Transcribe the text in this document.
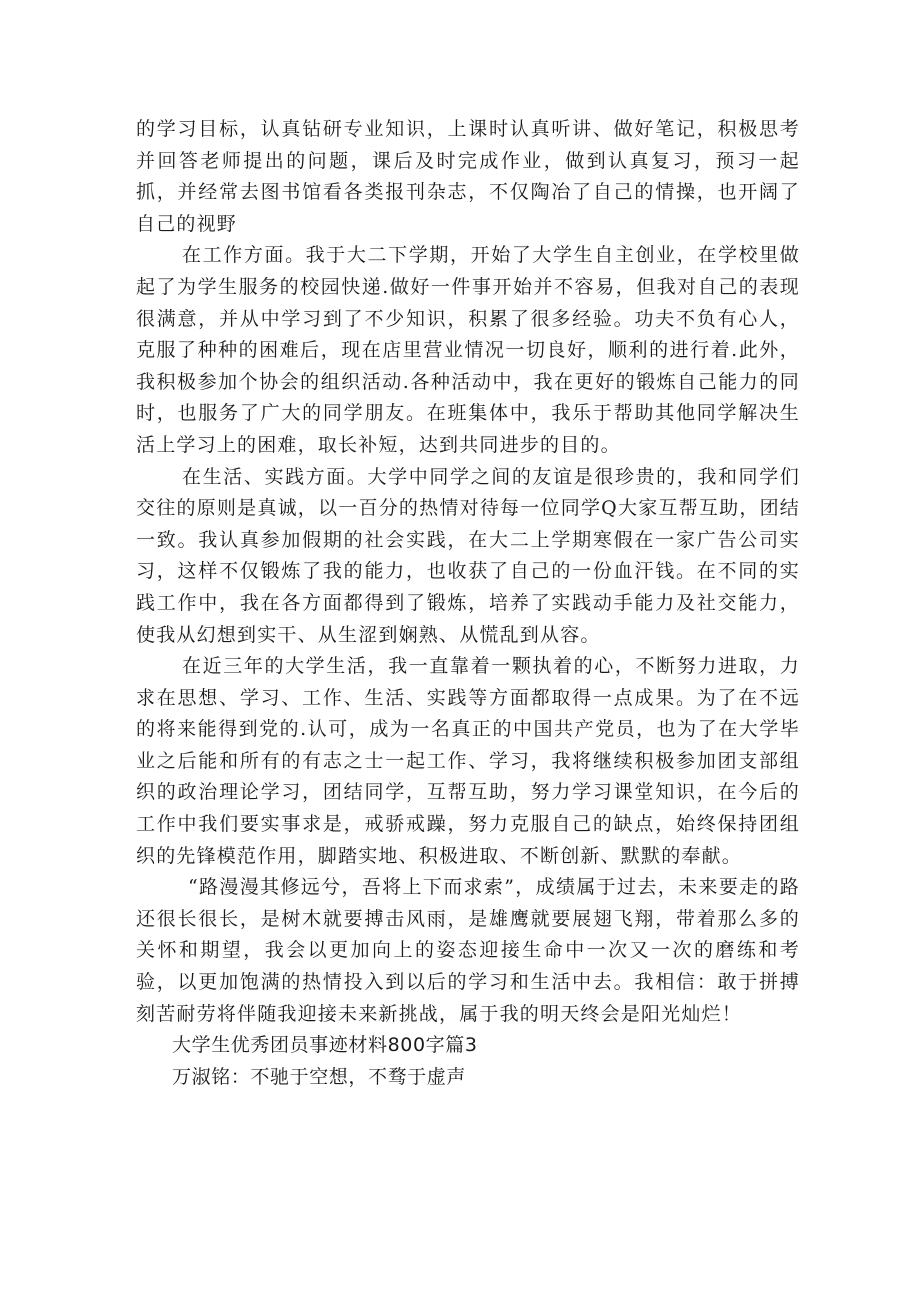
的学习目标，认真钻研专业知识，上课时认真听讲、做好笔记，积极思考并回答老师提出的问题，课后及时完成作业，做到认真复习，预习一起抓，并经常去图书馆看各类报刊杂志，不仅陶冶了自己的情操，也开阔了自己的视野

在工作方面。我于大二下学期，开始了大学生自主创业，在学校里做起了为学生服务的校园快递.做好一件事开始并不容易，但我对自己的表现很满意，并从中学习到了不少知识，积累了很多经验。功夫不负有心人，克服了种种的困难后，现在店里营业情况一切良好，顺利的进行着.此外，我积极参加个协会的组织活动.各种活动中，我在更好的锻炼自己能力的同时，也服务了广大的同学朋友。在班集体中，我乐于帮助其他同学解决生活上学习上的困难，取长补短，达到共同进步的目的。

在生活、实践方面。大学中同学之间的友谊是很珍贵的，我和同学们交往的原则是真诚，以一百分的热情对待每一位同学Q大家互帮互助，团结一致。我认真参加假期的社会实践，在大二上学期寒假在一家广告公司实习，这样不仅锻炼了我的能力，也收获了自己的一份血汗钱。在不同的实践工作中，我在各方面都得到了锻炼，培养了实践动手能力及社交能力，使我从幻想到实干、从生涩到娴熟、从慌乱到从容。

在近三年的大学生活，我一直靠着一颗执着的心，不断努力进取，力求在思想、学习、工作、生活、实践等方面都取得一点成果。为了在不远的将来能得到党的.认可，成为一名真正的中国共产党员，也为了在大学毕业之后能和所有的有志之士一起工作、学习，我将继续积极参加团支部组织的政治理论学习，团结同学，互帮互助，努力学习课堂知识，在今后的工作中我们要实事求是，戒骄戒躁，努力克服自己的缺点，始终保持团组织的先锋模范作用，脚踏实地、积极进取、不断创新、默默的奉献。

“路漫漫其修远兮，吾将上下而求索”，成绩属于过去，未来要走的路还很长很长，是树木就要搏击风雨，是雄鹰就要展翅飞翔，带着那么多的关怀和期望，我会以更加向上的姿态迎接生命中一次又一次的磨练和考验，以更加饱满的热情投入到以后的学习和生活中去。我相信：敢于拼搏刻苦耐劳将伴随我迎接未来新挑战，属于我的明天终会是阳光灿烂！

大学生优秀团员事迹材料800字篇3

万淑铭：不驰于空想，不骛于虚声
